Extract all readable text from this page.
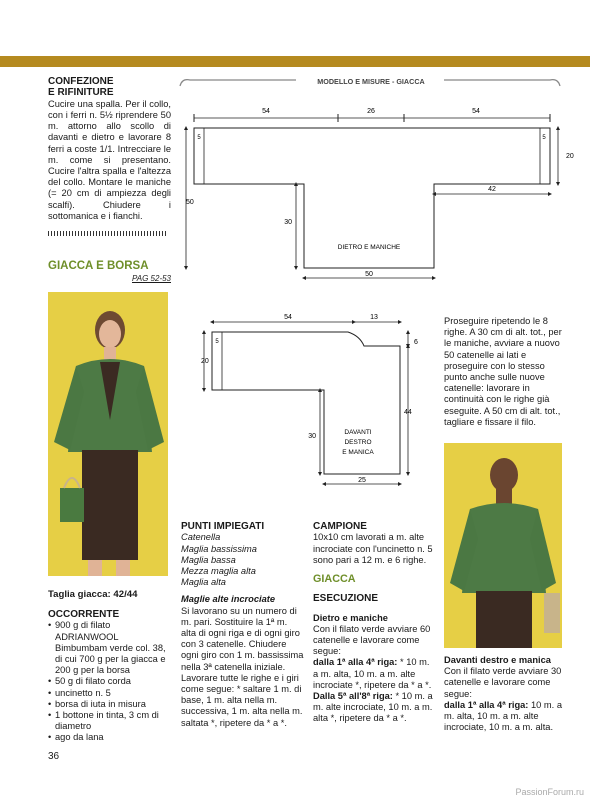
CONFEZIONE
E RIFINITURE
Cucire una spalla. Per il collo, con i ferri n. 5½ riprendere 50 m. attorno allo scollo di davanti e dietro e lavorare 8 ferri a coste 1/1. Intrecciare le m. come si presentano. Cucire l'altra spalla e l'altezza del collo. Montare le maniche (= 20 cm di ampiezza degli scalfi). Chiudere i sottomanica e i fianchi.
GIACCA E BORSA
PAG 52-53
Taglia giacca: 42/44
OCCORRENTE
• 900 g di filato ADRIANWOOL Bimbumbam verde col. 38, di cui 700 g per la giacca e 200 g per la borsa
• 50 g di filato corda
• uncinetto n. 5
• borsa di iuta in misura
• 1 bottone in tinta, 3 cm di diametro
• ago da lana
MODELLO E MISURE - GIACCA
54	26	54
5	5
20
50
30
42
50
DIETRO E MANICHE
54	13
5
20
6
44
30
25
DAVANTI
DESTRO
E MANICA
Proseguire ripetendo le 8 righe. A 30 cm di alt. tot., per le maniche, avviare a nuovo 50 catenelle ai lati e proseguire con lo stesso punto anche sulle nuove catenelle: lavorare in continuità con le righe già eseguite. A 50 cm di alt. tot., tagliare e fissare il filo.
PUNTI IMPIEGATI
Catenella
Maglia bassissima
Maglia bassa
Mezza maglia alta
Maglia alta
Maglie alte incrociate
Si lavorano su un numero di m. pari. Sostituire la 1ª m. alta di ogni riga e di ogni giro con 3 catenelle. Chiudere ogni giro con 1 m. bassissima nella 3ª catenella iniziale.
Lavorare tutte le righe e i giri come segue: * saltare 1 m. di base, 1 m. alta nella m. successiva, 1 m. alta nella m. saltata *, ripetere da * a *.
CAMPIONE
10x10 cm lavorati a m. alte incrociate con l'uncinetto n. 5 sono pari a 12 m. e 6 righe.
GIACCA
ESECUZIONE
Dietro e maniche
Con il filato verde avviare 60 catenelle e lavorare come segue:
dalla 1ª alla 4ª riga: * 10 m. a m. alta, 10 m. a m. alte incrociate *, ripetere da * a *.
Dalla 5ª all'8ª riga: * 10 m. a m. alte incrociate, 10 m. a m. alta *, ripetere da * a *.
Davanti destro e manica
Con il filato verde avviare 30 catenelle e lavorare come segue:
dalla 1ª alla 4ª riga: 10 m. a m. alta, 10 m. a m. alte incrociate, 10 m. a m. alta.
36
PassionForum.ru
